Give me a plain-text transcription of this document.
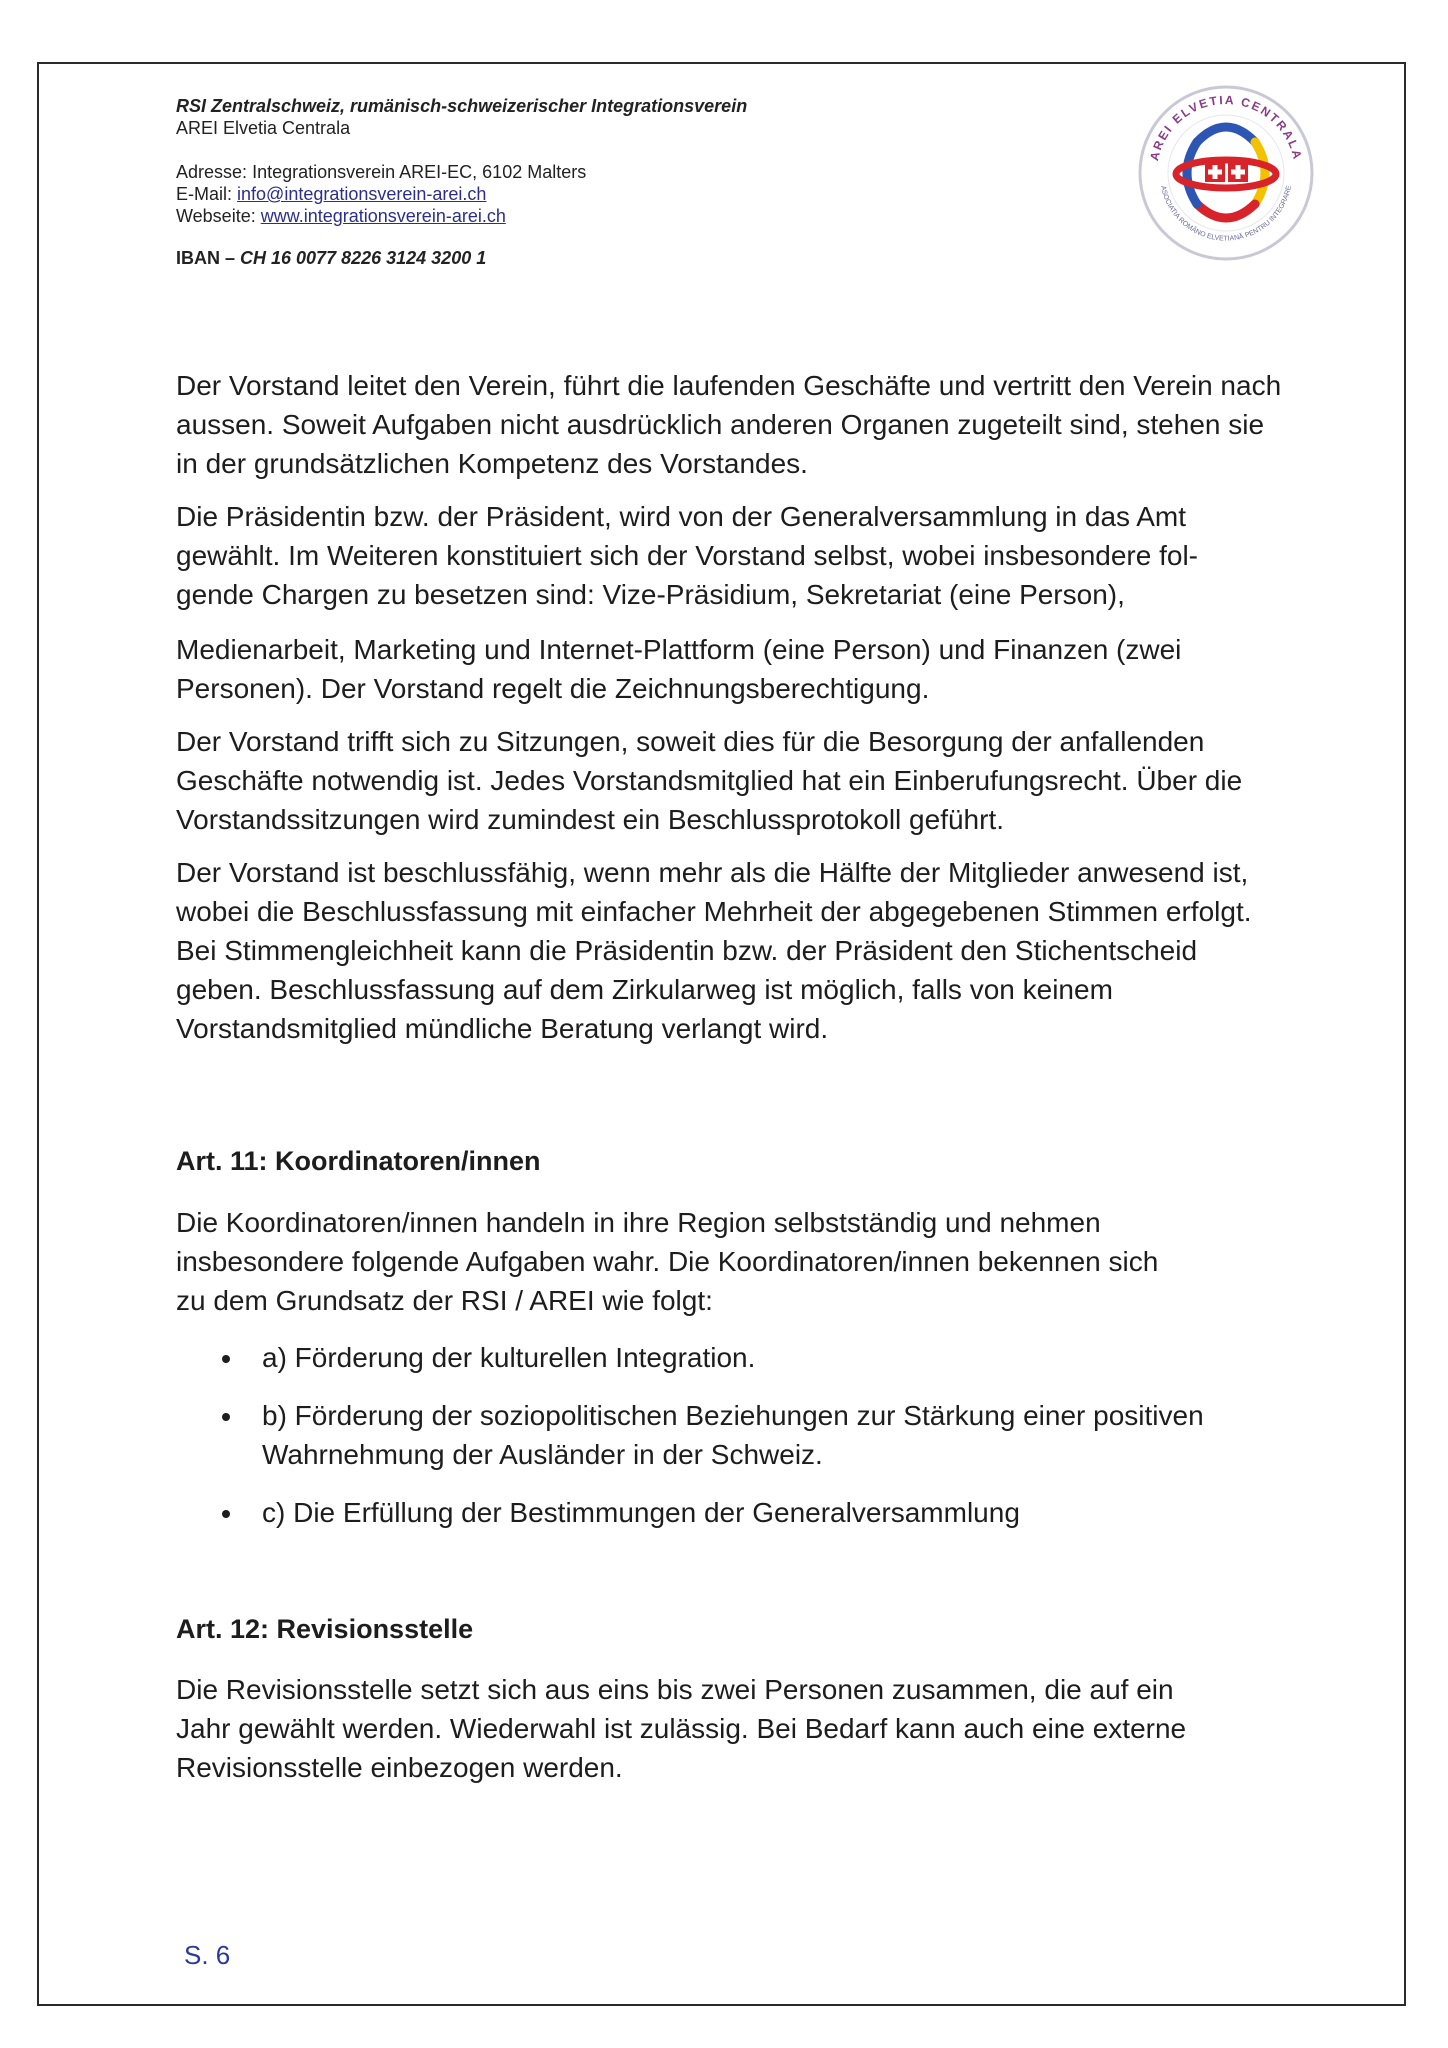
RSI Zentralschweiz, rumänisch-schweizerischer Integrationsverein
AREI Elvetia Centrala
Adresse: Integrationsverein AREI-EC, 6102 Malters
E-Mail: info@integrationsverein-arei.ch
Webseite: www.integrationsverein-arei.ch
IBAN – CH 16 0077 8226 3124 3200 1
AREI ELVETIA CENTRALA
ASOCIATIA ROMÂNO ELVETIANĂ PENTRU INTEGRARE

Der Vorstand leitet den Verein, führt die laufenden Geschäfte und vertritt den Verein nach aussen. Soweit Aufgaben nicht ausdrücklich anderen Organen zugeteilt sind, stehen sie in der grundsätzlichen Kompetenz des Vorstandes.

Die Präsidentin bzw. der Präsident, wird von der Generalversammlung in das Amt gewählt. Im Weiteren konstituiert sich der Vorstand selbst, wobei insbesondere fol-gende Chargen zu besetzen sind: Vize-Präsidium, Sekretariat (eine Person),

Medienarbeit, Marketing und Internet-Plattform (eine Person) und Finanzen (zwei Personen). Der Vorstand regelt die Zeichnungsberechtigung.

Der Vorstand trifft sich zu Sitzungen, soweit dies für die Besorgung der anfallenden Geschäfte notwendig ist. Jedes Vorstandsmitglied hat ein Einberufungsrecht. Über die Vorstandssitzungen wird zumindest ein Beschlussprotokoll geführt.

Der Vorstand ist beschlussfähig, wenn mehr als die Hälfte der Mitglieder anwesend ist, wobei die Beschlussfassung mit einfacher Mehrheit der abgegebenen Stimmen erfolgt. Bei Stimmengleichheit kann die Präsidentin bzw. der Präsident den Stichentscheid geben. Beschlussfassung auf dem Zirkularweg ist möglich, falls von keinem Vorstandsmitglied mündliche Beratung verlangt wird.

Art. 11: Koordinatoren/innen
Die Koordinatoren/innen handeln in ihre Region selbstständig und nehmen insbesondere folgende Aufgaben wahr. Die Koordinatoren/innen bekennen sich zu dem Grundsatz der RSI / AREI wie folgt:
a) Förderung der kulturellen Integration.
b) Förderung der soziopolitischen Beziehungen zur Stärkung einer positiven Wahrnehmung der Ausländer in der Schweiz.
c) Die Erfüllung der Bestimmungen der Generalversammlung
Art. 12: Revisionsstelle
Die Revisionsstelle setzt sich aus eins bis zwei Personen zusammen, die auf ein Jahr gewählt werden. Wiederwahl ist zulässig. Bei Bedarf kann auch eine externe Revisionsstelle einbezogen werden.
S. 6
